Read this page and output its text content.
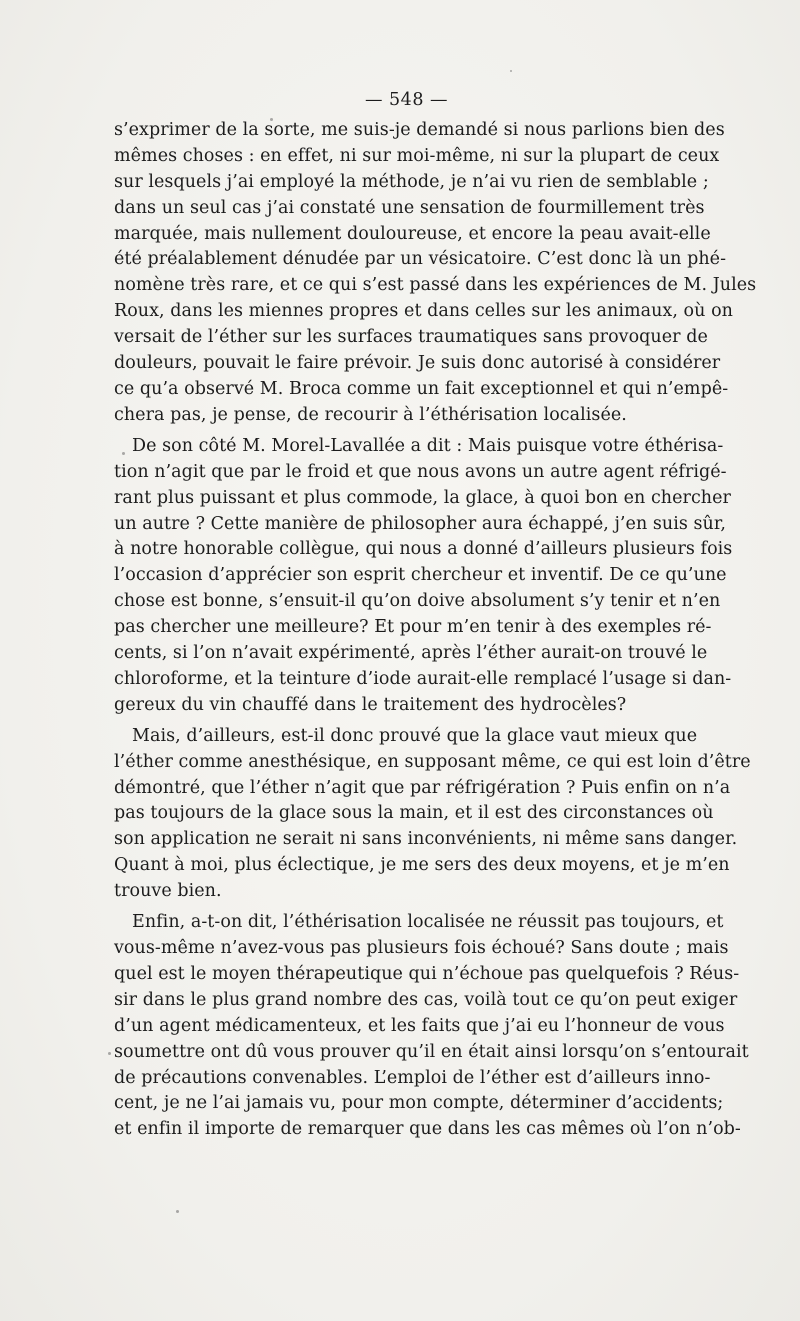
— 548 —
s’exprimer de la sorte, me suis-je demandé si nous parlions bien des
mêmes choses : en effet, ni sur moi-même, ni sur la plupart de ceux
sur lesquels j’ai employé la méthode, je n’ai vu rien de semblable ;
dans un seul cas j’ai constaté une sensation de fourmillement très
marquée, mais nullement douloureuse, et encore la peau avait-elle
été préalablement dénudée par un vésicatoire. C’est donc là un phé-
nomène très rare, et ce qui s’est passé dans les expériences de M. Jules
Roux, dans les miennes propres et dans celles sur les animaux, où on
versait de l’éther sur les surfaces traumatiques sans provoquer de
douleurs, pouvait le faire prévoir. Je suis donc autorisé à considérer
ce qu’a observé M. Broca comme un fait exceptionnel et qui n’empê-
chera pas, je pense, de recourir à l’éthérisation localisée.
De son côté M. Morel-Lavallée a dit : Mais puisque votre éthérisa-
tion n’agit que par le froid et que nous avons un autre agent réfrigé-
rant plus puissant et plus commode, la glace, à quoi bon en chercher
un autre ? Cette manière de philosopher aura échappé, j’en suis sûr,
à notre honorable collègue, qui nous a donné d’ailleurs plusieurs fois
l’occasion d’apprécier son esprit chercheur et inventif. De ce qu’une
chose est bonne, s’ensuit-il qu’on doive absolument s’y tenir et n’en
pas chercher une meilleure? Et pour m’en tenir à des exemples ré-
cents, si l’on n’avait expérimenté, après l’éther aurait-on trouvé le
chloroforme, et la teinture d’iode aurait-elle remplacé l’usage si dan-
gereux du vin chauffé dans le traitement des hydrocèles?
Mais, d’ailleurs, est-il donc prouvé que la glace vaut mieux que
l’éther comme anesthésique, en supposant même, ce qui est loin d’être
démontré, que l’éther n’agit que par réfrigération ? Puis enfin on n’a
pas toujours de la glace sous la main, et il est des circonstances où
son application ne serait ni sans inconvénients, ni même sans danger.
Quant à moi, plus éclectique, je me sers des deux moyens, et je m’en
trouve bien.
Enfin, a-t-on dit, l’éthérisation localisée ne réussit pas toujours, et
vous-même n’avez-vous pas plusieurs fois échoué? Sans doute ; mais
quel est le moyen thérapeutique qui n’échoue pas quelquefois ? Réus-
sir dans le plus grand nombre des cas, voilà tout ce qu’on peut exiger
d’un agent médicamenteux, et les faits que j’ai eu l’honneur de vous
soumettre ont dû vous prouver qu’il en était ainsi lorsqu’on s’entourait
de précautions convenables. L’emploi de l’éther est d’ailleurs inno-
cent, je ne l’ai jamais vu, pour mon compte, déterminer d’accidents;
et enfin il importe de remarquer que dans les cas mêmes où l’on n’ob-
